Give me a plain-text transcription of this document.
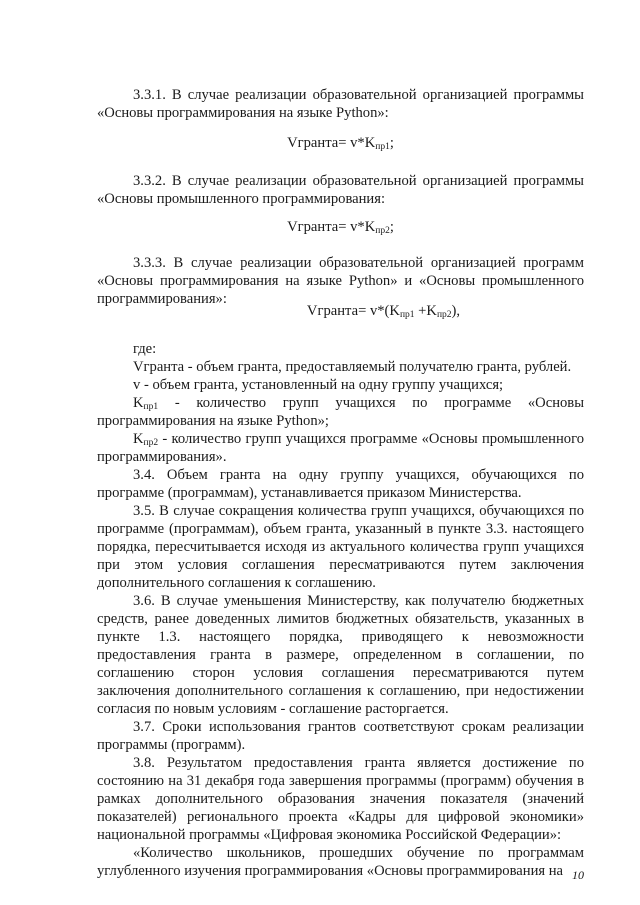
3.3.1. В случае реализации образовательной организацией программы «Основы программирования на языке Python»:

Vгранта= $v*K_{пр1}$;

3.3.2. В случае реализации образовательной организацией программы «Основы промышленного программирования:

Vгранта= $v*K_{пр2}$;

3.3.3. В случае реализации образовательной организацией программ «Основы программирования на языке Python» и «Основы промышленного программирования»:

Vгранта= $v*(K_{пр1} +K_{пр2})$,

где:

Vгранта - объем гранта, предоставляемый получателю гранта, рублей.

v - объем гранта, установленный на одну группу учащихся;

$K_{пр1}$ - количество групп учащихся по программе «Основы программирования на языке Python»;

$K_{пр2}$ - количество групп учащихся программе «Основы промышленного программирования».

3.4. Объем гранта на одну группу учащихся, обучающихся по программе (программам), устанавливается приказом Министерства.

3.5. В случае сокращения количества групп учащихся, обучающихся по программе (программам), объем гранта, указанный в пункте 3.3. настоящего порядка, пересчитывается исходя из актуального количества групп учащихся при этом условия соглашения пересматриваются путем заключения дополнительного соглашения к соглашению.

3.6. В случае уменьшения Министерству, как получателю бюджетных средств, ранее доведенных лимитов бюджетных обязательств, указанных в пункте 1.3. настоящего порядка, приводящего к невозможности предоставления гранта в размере, определенном в соглашении, по соглашению сторон условия соглашения пересматриваются путем заключения дополнительного соглашения к соглашению, при недостижении согласия по новым условиям - соглашение расторгается.

3.7. Сроки использования грантов соответствуют срокам реализации программы (программ).

3.8. Результатом предоставления гранта является достижение по состоянию на 31 декабря года завершения программы (программ) обучения в рамках дополнительного образования значения показателя (значений показателей) регионального проекта «Кадры для цифровой экономики» национальной программы «Цифровая экономика Российской Федерации»:

«Количество школьников, прошедших обучение по программам углубленного изучения программирования «Основы программирования на 10
